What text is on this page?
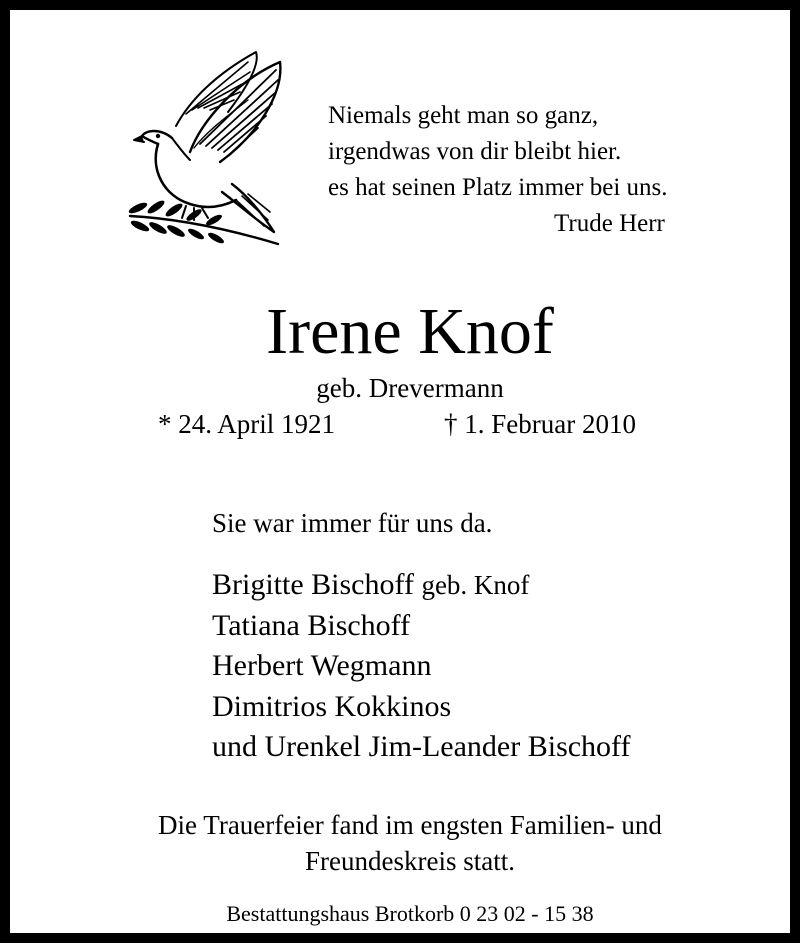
Niemals geht man so ganz,
irgendwas von dir bleibt hier.
es hat seinen Platz immer bei uns.
Trude Herr
Irene Knof
geb. Drevermann
* 24. April 1921	† 1. Februar 2010
Sie war immer für uns da.
Brigitte Bischoff geb. Knof
Tatiana Bischoff
Herbert Wegmann
Dimitrios Kokkinos
und Urenkel Jim-Leander Bischoff
Die Trauerfeier fand im engsten Familien- und
Freundeskreis statt.
Bestattungshaus Brotkorb 0 23 02 - 15 38
